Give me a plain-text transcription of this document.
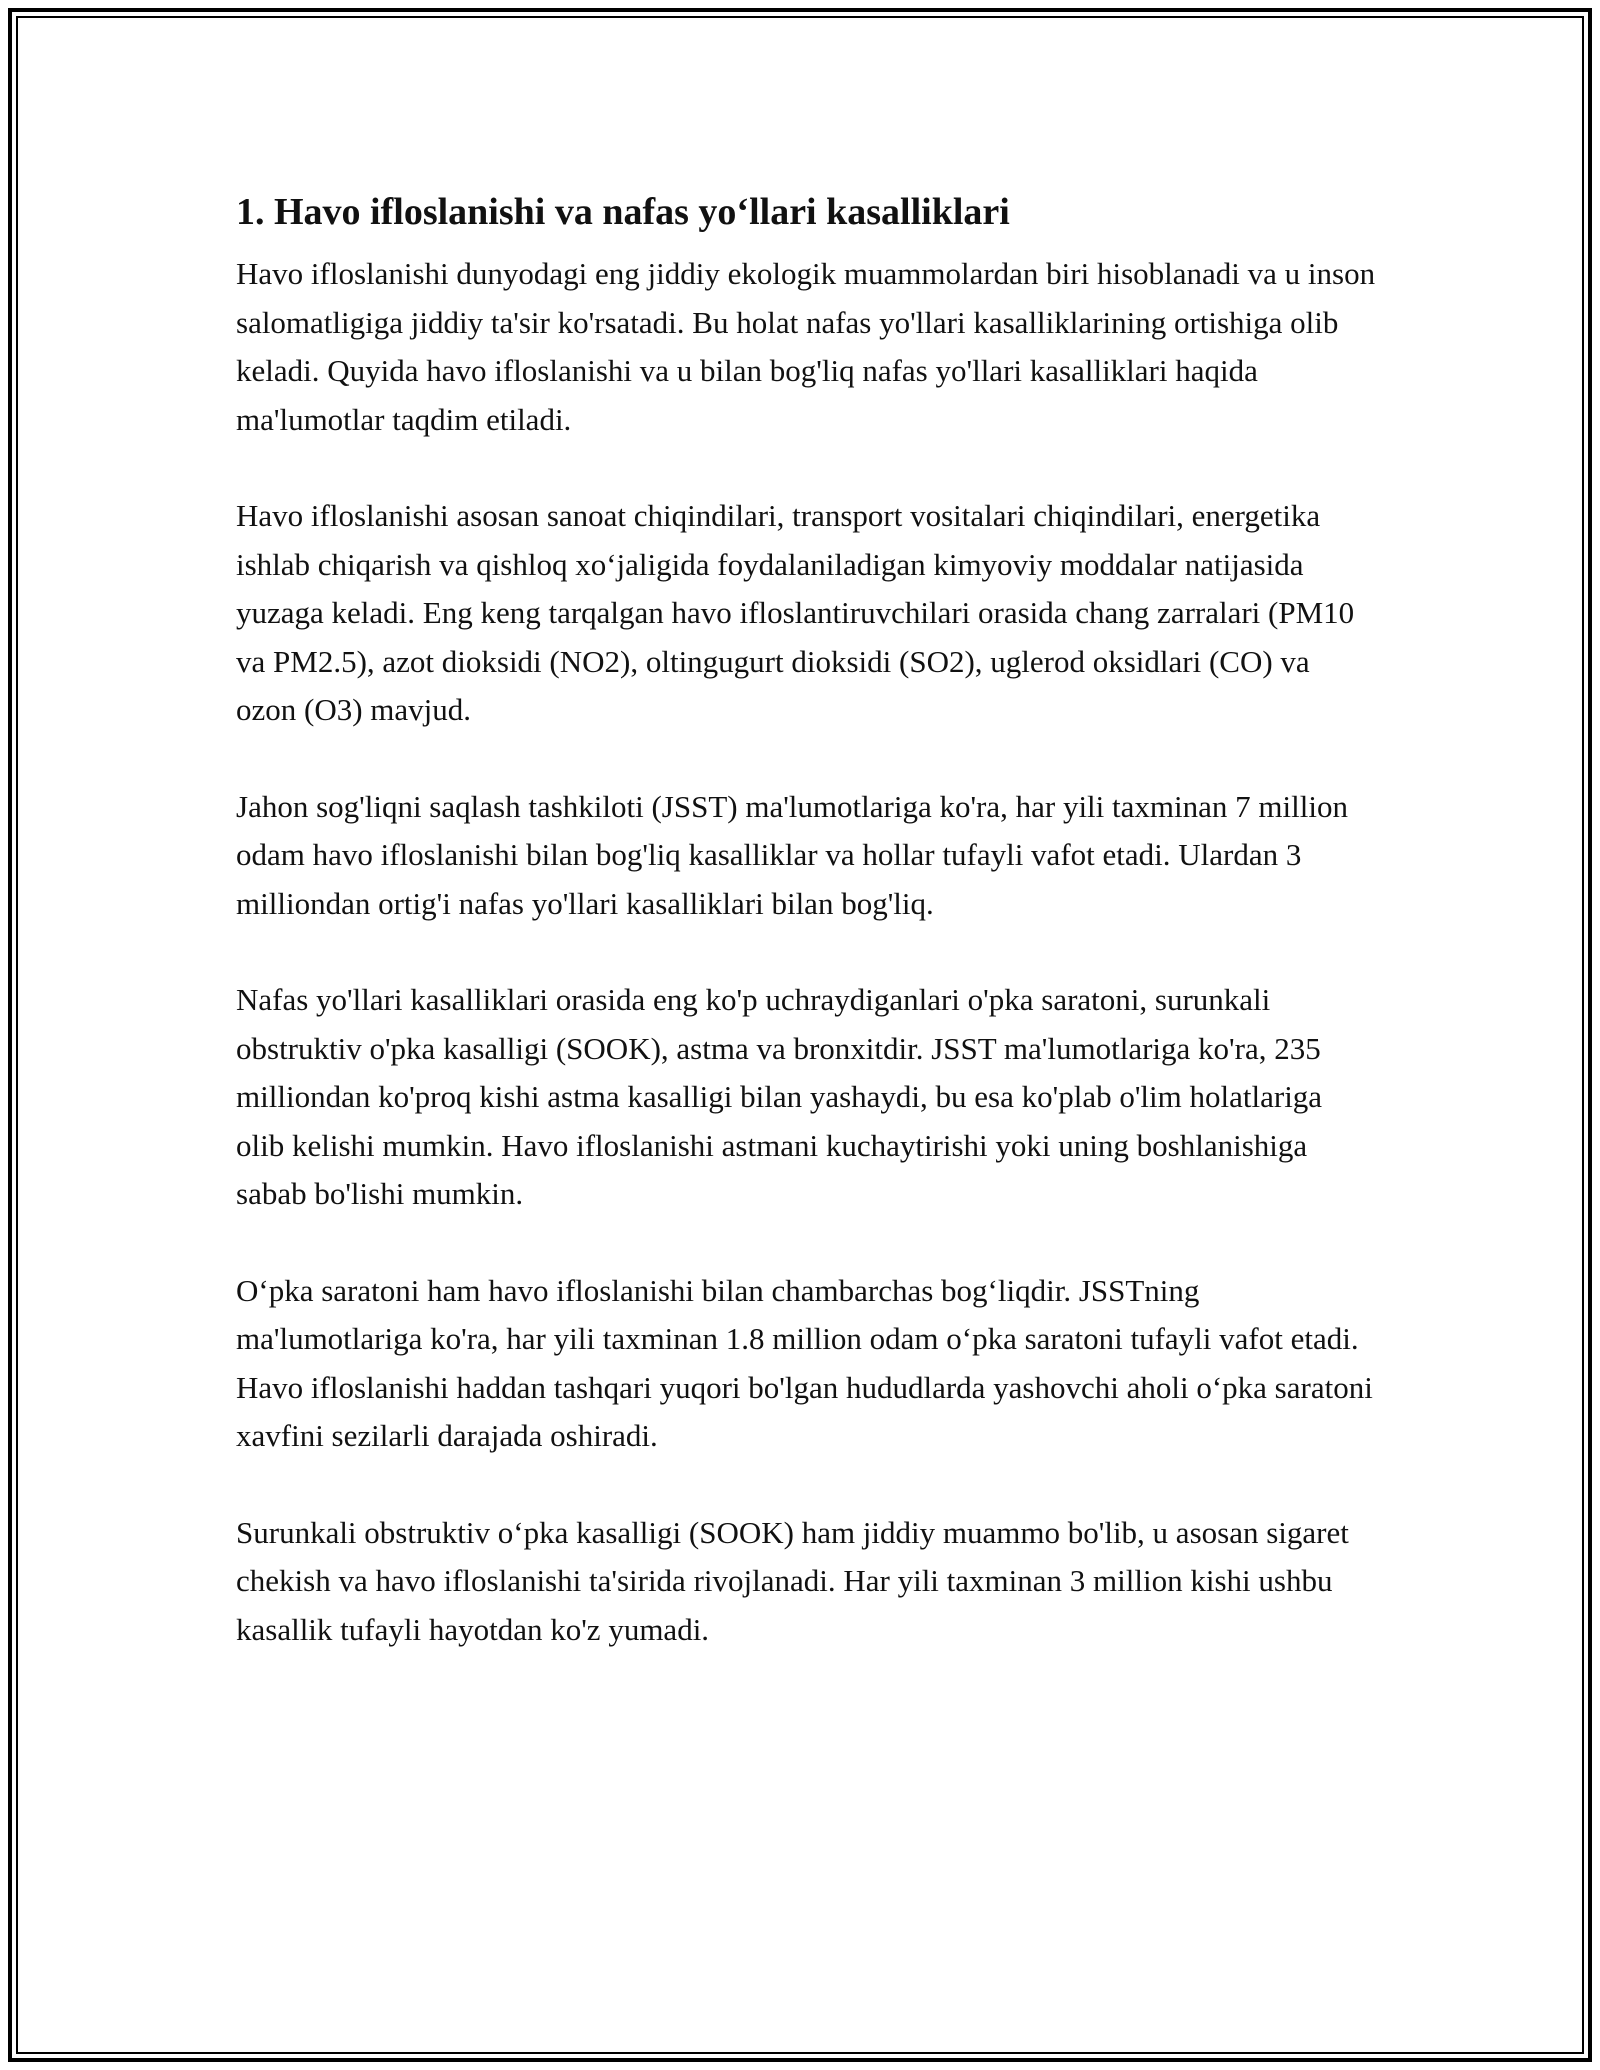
1. Havo ifloslanishi va nafas yo‘llari kasalliklari

Havo ifloslanishi dunyodagi eng jiddiy ekologik muammolardan biri hisoblanadi va u inson salomatligiga jiddiy ta'sir ko'rsatadi. Bu holat nafas yo'llari kasalliklarining ortishiga olib keladi. Quyida havo ifloslanishi va u bilan bog'liq nafas yo'llari kasalliklari haqida ma'lumotlar taqdim etiladi.

Havo ifloslanishi asosan sanoat chiqindilari, transport vositalari chiqindilari, energetika ishlab chiqarish va qishloq xo‘jaligida foydalaniladigan kimyoviy moddalar natijasida yuzaga keladi. Eng keng tarqalgan havo ifloslantiruvchilari orasida chang zarralari (PM10 va PM2.5), azot dioksidi (NO2), oltingugurt dioksidi (SO2), uglerod oksidlari (CO) va ozon (O3) mavjud.

Jahon sog'liqni saqlash tashkiloti (JSST) ma'lumotlariga ko'ra, har yili taxminan 7 million odam havo ifloslanishi bilan bog'liq kasalliklar va hollar tufayli vafot etadi. Ulardan 3 milliondan ortig'i nafas yo'llari kasalliklari bilan bog'liq.

Nafas yo'llari kasalliklari orasida eng ko'p uchraydiganlari o'pka saratoni, surunkali obstruktiv o'pka kasalligi (SOOK), astma va bronxitdir. JSST ma'lumotlariga ko'ra, 235 milliondan ko'proq kishi astma kasalligi bilan yashaydi, bu esa ko'plab o'lim holatlariga olib kelishi mumkin. Havo ifloslanishi astmani kuchaytirishi yoki uning boshlanishiga sabab bo'lishi mumkin.

O‘pka saratoni ham havo ifloslanishi bilan chambarchas bog‘liqdir. JSSTning ma'lumotlariga ko'ra, har yili taxminan 1.8 million odam o‘pka saratoni tufayli vafot etadi. Havo ifloslanishi haddan tashqari yuqori bo'lgan hududlarda yashovchi aholi o‘pka saratoni xavfini sezilarli darajada oshiradi.

Surunkali obstruktiv o‘pka kasalligi (SOOK) ham jiddiy muammo bo'lib, u asosan sigaret chekish va havo ifloslanishi ta'sirida rivojlanadi. Har yili taxminan 3 million kishi ushbu kasallik tufayli hayotdan ko'z yumadi.
